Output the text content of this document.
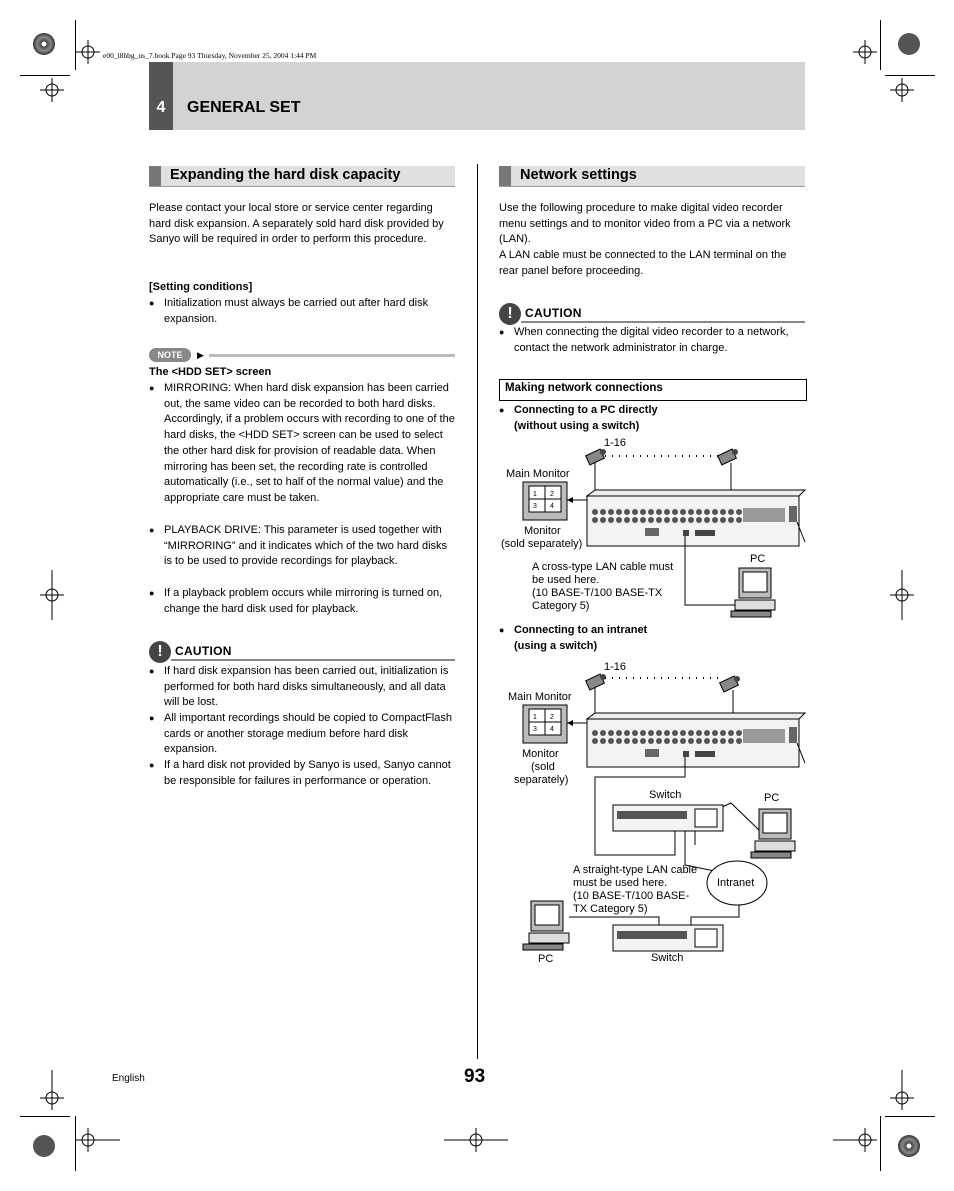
e00_l8hbg_us_7.book Page 93 Thursday, November 25, 2004 1:44 PM
4	GENERAL SET
Expanding the hard disk capacity
Please contact your local store or service center regarding hard disk expansion. A separately sold hard disk provided by Sanyo will be required in order to perform this procedure.
[Setting conditions]
● Initialization must always be carried out after hard disk expansion.
NOTE	▶
The <HDD SET> screen
● MIRRORING: When hard disk expansion has been carried out, the same video can be recorded to both hard disks. Accordingly, if a problem occurs with recording to one of the hard disks, the <HDD SET> screen can be used to select the other hard disk for provision of readable data. When mirroring has been set, the recording rate is controlled automatically (i.e., set to half of the normal value) and the appropriate care must be taken.
● PLAYBACK DRIVE: This parameter is used together with “MIRRORING” and it indicates which of the two hard disks is to be used to provide recordings for playback.
● If a playback problem occurs while mirroring is turned on, change the hard disk used for playback.
!	CAUTION
● If hard disk expansion has been carried out, initialization is performed for both hard disks simultaneously, and all data will be lost.
● All important recordings should be copied to CompactFlash cards or another storage medium before hard disk expansion.
● If a hard disk not provided by Sanyo is used, Sanyo cannot be responsible for failures in performance or operation.
Network settings
Use the following procedure to make digital video recorder menu settings and to monitor video from a PC via a network (LAN).
A LAN cable must be connected to the LAN terminal on the rear panel before proceeding.
!	CAUTION
● When connecting the digital video recorder to a network, contact the network administrator in charge.
Making network connections
● Connecting to a PC directly
(without using a switch)
1-16
Main Monitor
1 2
3 4
Monitor
(sold separately)
PC
A cross-type LAN cable must
be used here.
(10 BASE-T/100 BASE-TX
Category 5)
● Connecting to an intranet
(using a switch)
1-16
Main Monitor
1 2
3 4
Monitor
(sold
separately)
Switch	PC
Intranet
A straight-type LAN cable
must be used here.
(10 BASE-T/100 BASE-
TX Category 5)
PC	Switch
English	93
